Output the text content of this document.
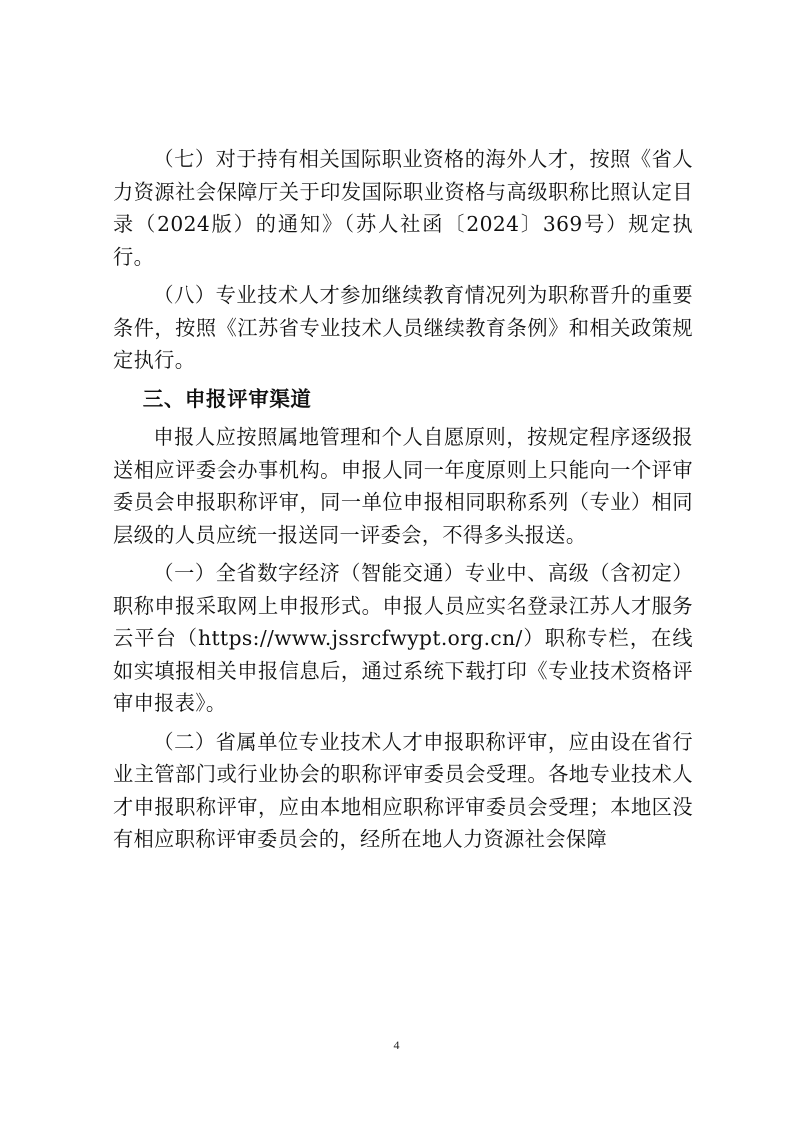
（七）对于持有相关国际职业资格的海外人才，按照《省人力资源社会保障厅关于印发国际职业资格与高级职称比照认定目录（2024版）的通知》（苏人社函〔2024〕369号）规定执行。

（八）专业技术人才参加继续教育情况列为职称晋升的重要条件，按照《江苏省专业技术人员继续教育条例》和相关政策规定执行。

三、申报评审渠道

申报人应按照属地管理和个人自愿原则，按规定程序逐级报送相应评委会办事机构。申报人同一年度原则上只能向一个评审委员会申报职称评审，同一单位申报相同职称系列（专业）相同层级的人员应统一报送同一评委会，不得多头报送。

（一）全省数字经济（智能交通）专业中、高级（含初定）职称申报采取网上申报形式。申报人员应实名登录江苏人才服务云平台（https://www.jssrcfwypt.org.cn/）职称专栏，在线如实填报相关申报信息后，通过系统下载打印《专业技术资格评审申报表》。

（二）省属单位专业技术人才申报职称评审，应由设在省行业主管部门或行业协会的职称评审委员会受理。各地专业技术人才申报职称评审，应由本地相应职称评审委员会受理；本地区没有相应职称评审委员会的，经所在地人力资源社会保障

4
